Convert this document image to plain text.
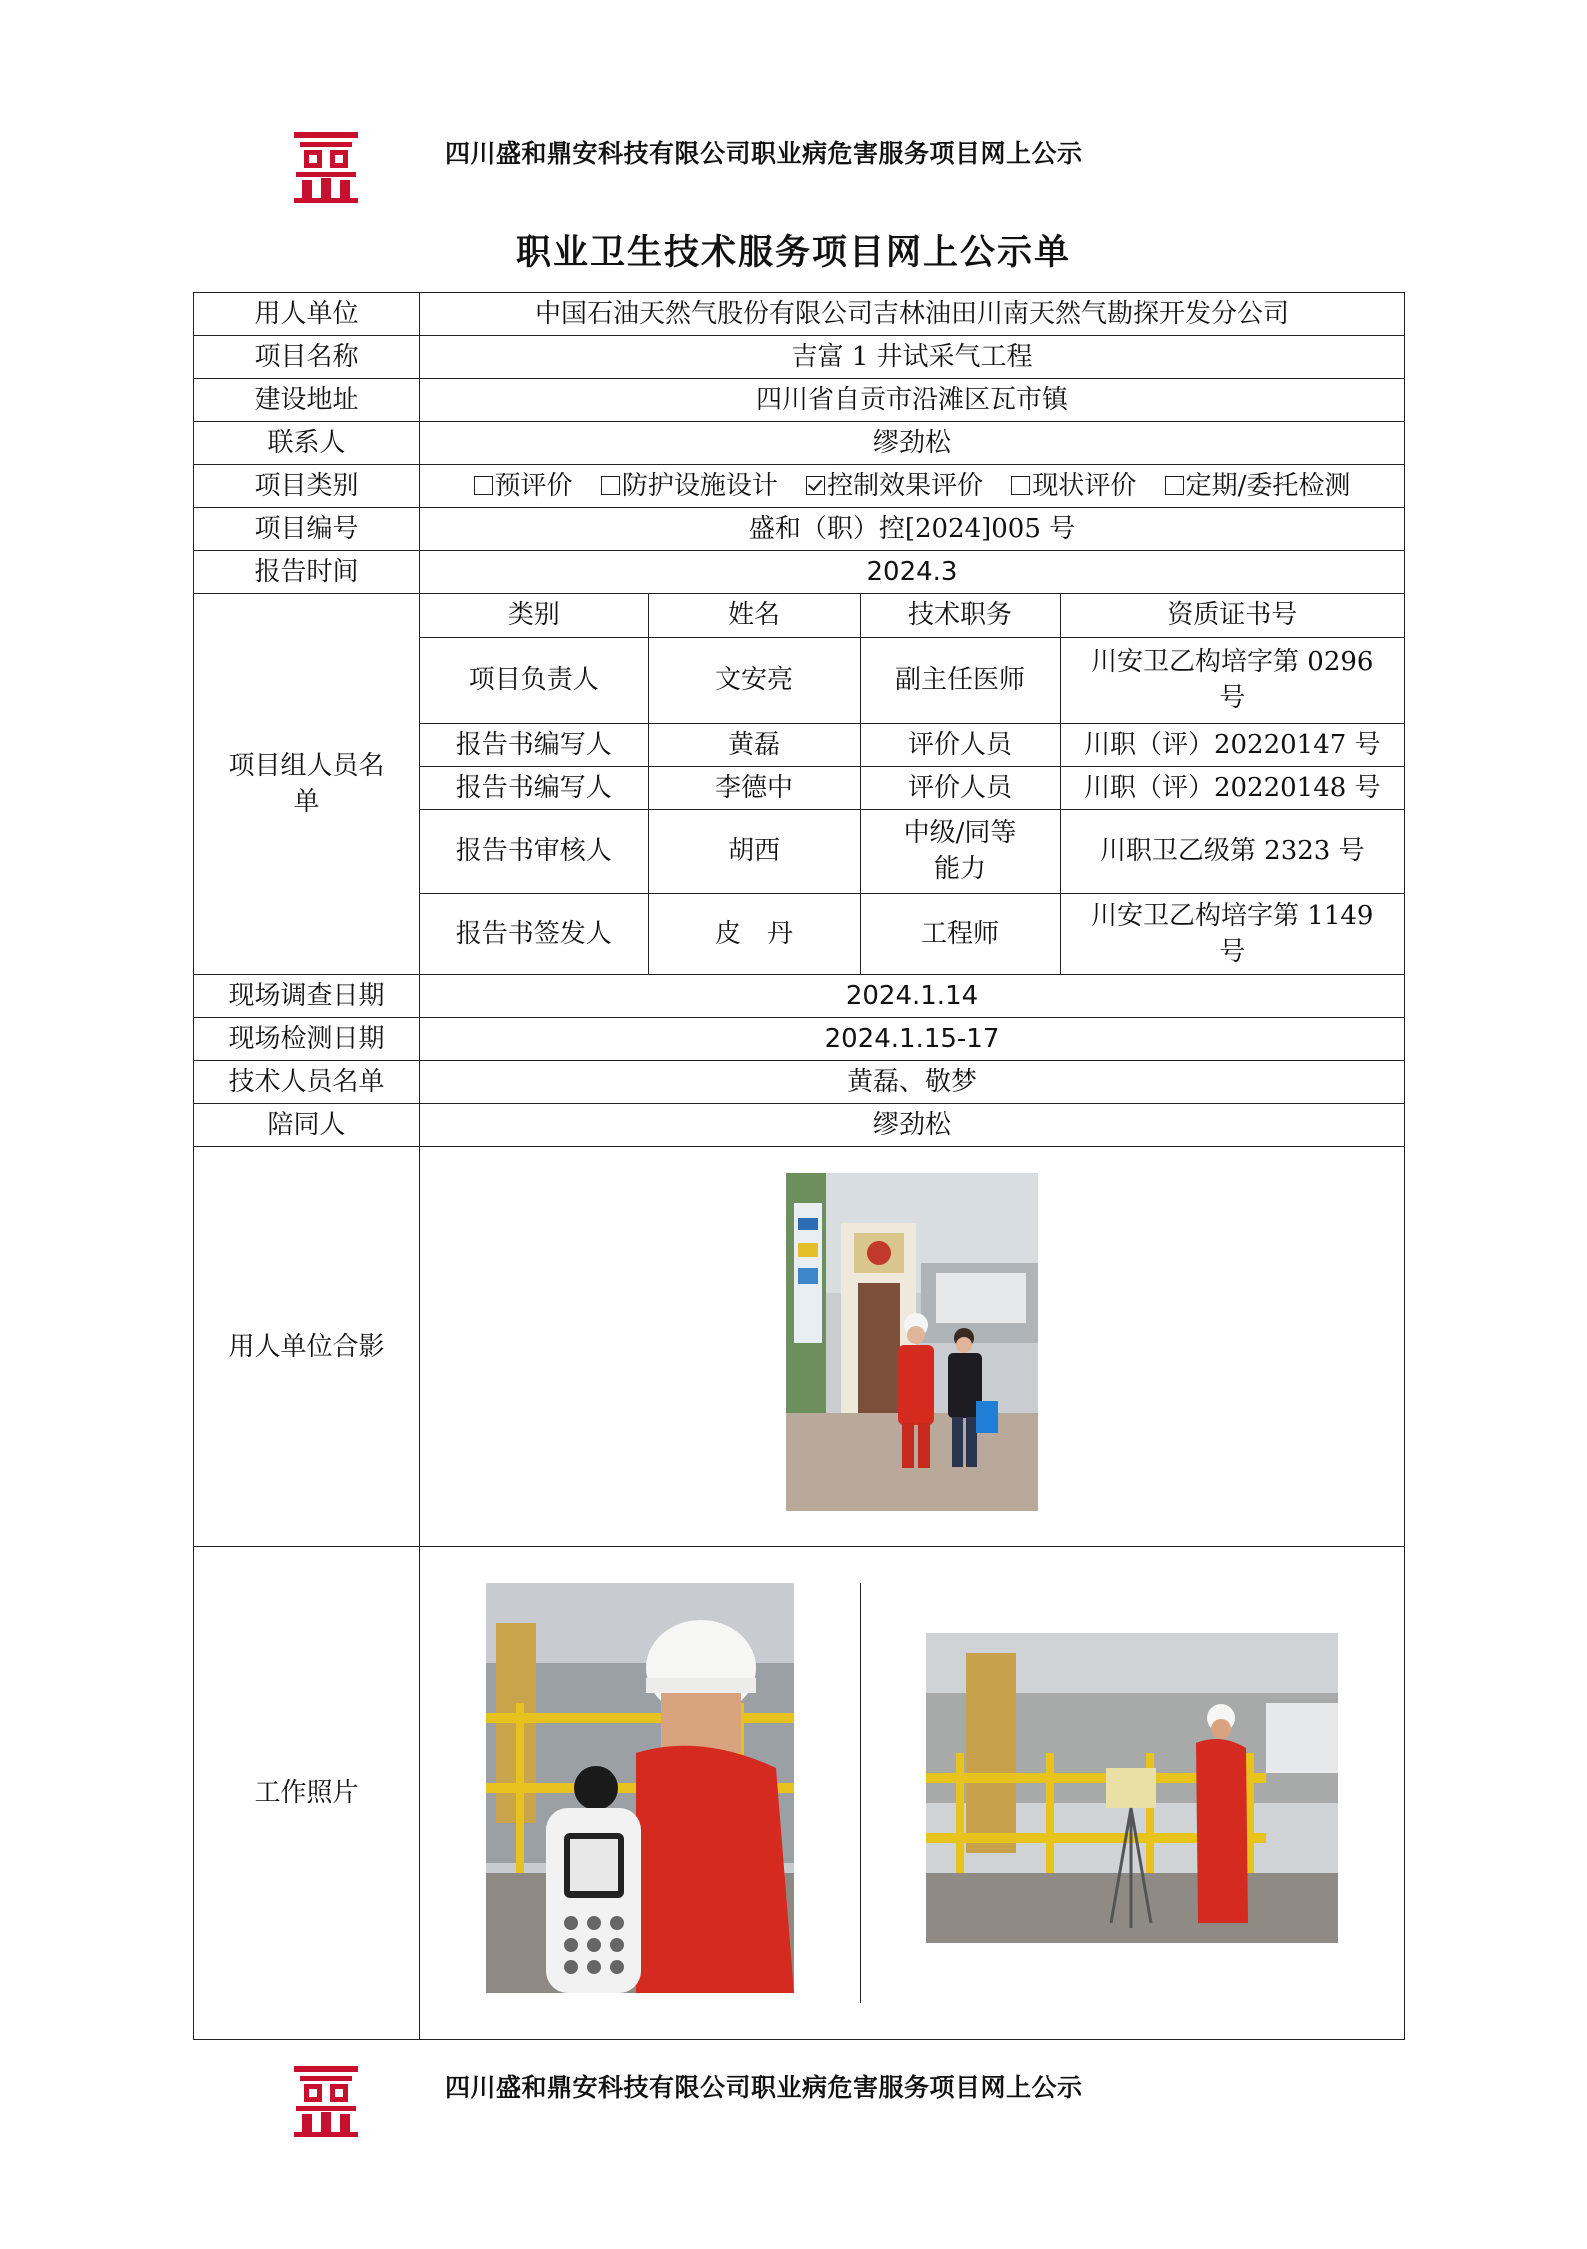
四川盛和鼎安科技有限公司职业病危害服务项目网上公示
职业卫生技术服务项目网上公示单
用人单位	中国石油天然气股份有限公司吉林油田川南天然气勘探开发分公司
项目名称	吉富 1 井试采气工程
建设地址	四川省自贡市沿滩区瓦市镇
联系人	缪劲松
项目类别	预评价 防护设施设计 控制效果评价 现状评价 定期/委托检测
项目编号	盛和（职）控[2024]005 号
报告时间	2024.3
项目组人员名单	
类别	姓名	技术职务	资质证书号
项目负责人	文安亮	副主任医师	川安卫乙构培字第 0296 号
报告书编写人	黄磊	评价人员	川职（评）20220147 号
报告书编写人	李德中	评价人员	川职（评）20220148 号
报告书审核人	胡西	中级/同等能力	川职卫乙级第 2323 号
报告书签发人	皮　丹	工程师	川安卫乙构培字第 1149 号

现场调查日期	2024.1.14
现场检测日期	2024.1.15-17
技术人员名单	黄磊、敬梦
陪同人	缪劲松
用人单位合影	
工作照片	

四川盛和鼎安科技有限公司职业病危害服务项目网上公示
